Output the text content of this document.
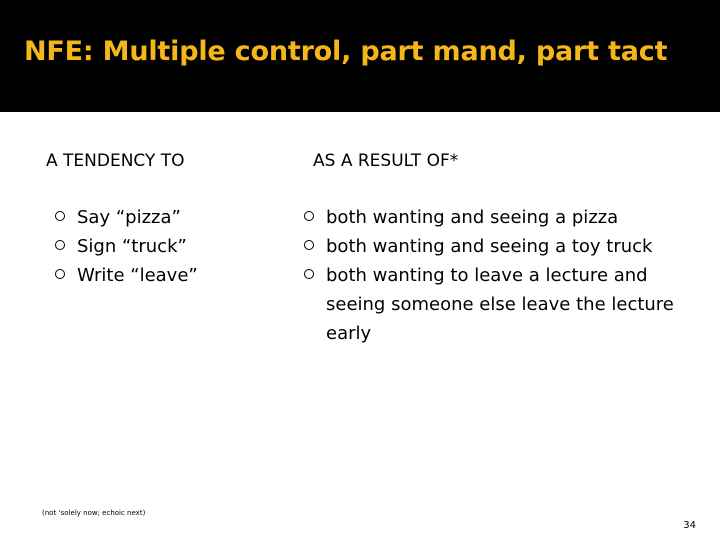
NFE: Multiple control, part mand, part tact
A TENDENCY TO	AS A RESULT OF*
Say “pizza”
Sign “truck”
Write “leave”
both wanting and seeing a pizza
both wanting and seeing a toy truck
both wanting to leave a lecture and seeing someone else leave the lecture early
(not ‘solely now; echoic next)
34
